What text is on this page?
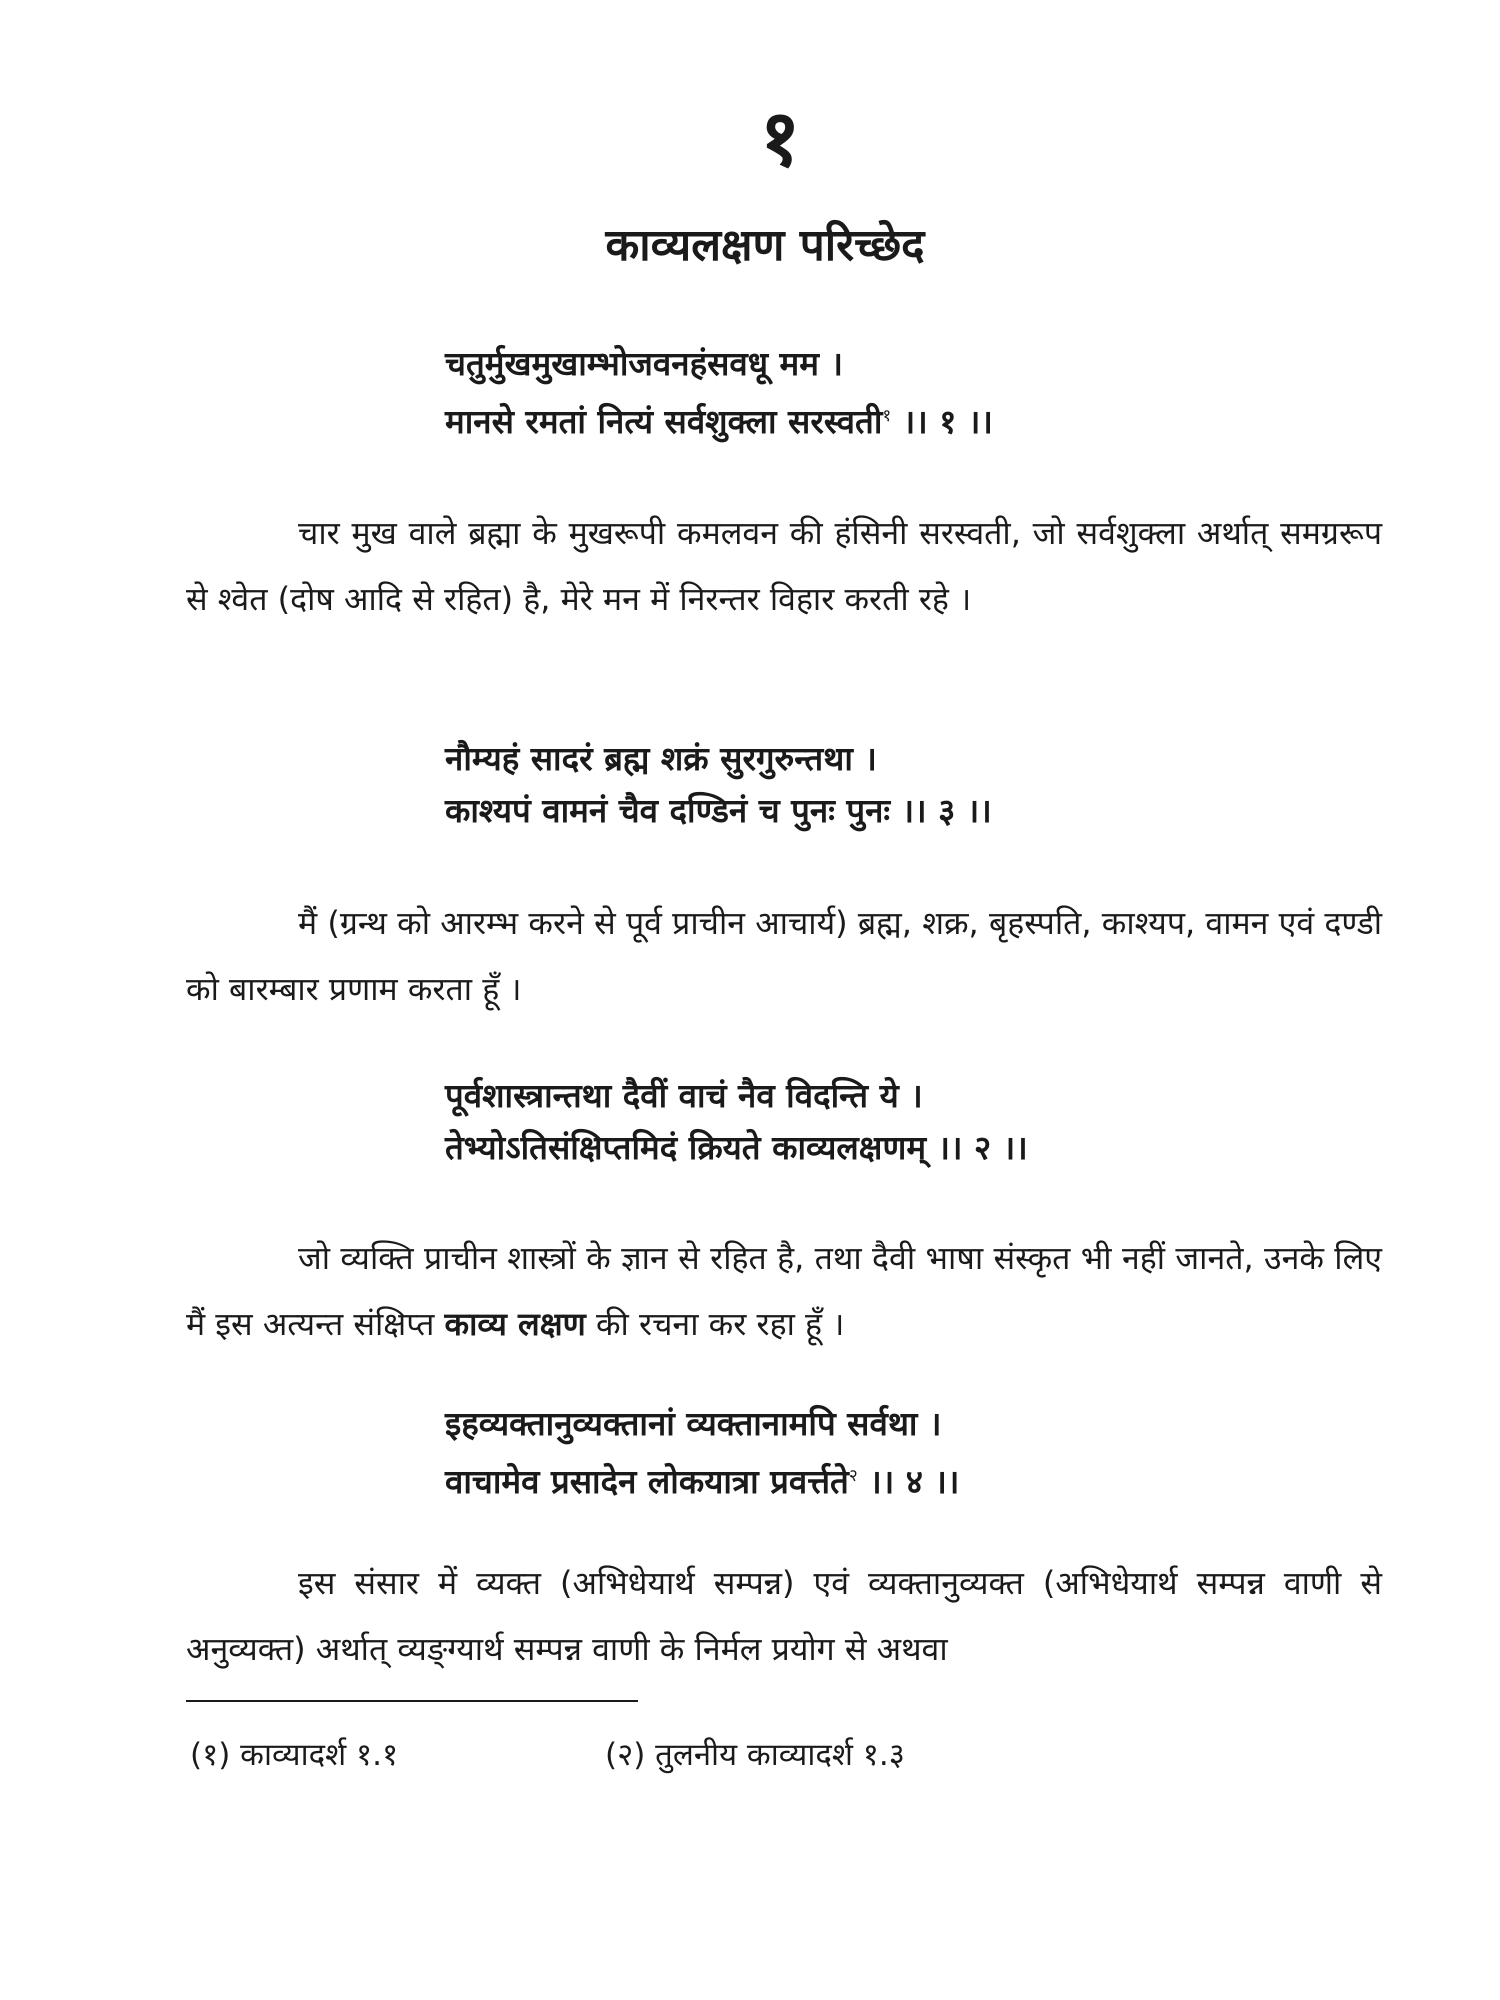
१
काव्यलक्षण परिच्छेद
चतुर्मुखमुखाम्भोजवनहंसवधू मम ।
मानसे रमतां नित्यं सर्वशुक्ला सरस्वती$^१$ ।। १ ।।

चार मुख वाले ब्रह्मा के मुखरूपी कमलवन की हंसिनी सरस्वती, जो सर्वशुक्ला अर्थात् समग्ररूप से श्वेत (दोष आदि से रहित) है, मेरे मन में निरन्तर विहार करती रहे ।

नौम्यहं सादरं ब्रह्म शक्रं सुरगुरुन्तथा ।
काश्यपं वामनं चैव दण्डिनं च पुनः पुनः ।। ३ ।।

मैं (ग्रन्थ को आरम्भ करने से पूर्व प्राचीन आचार्य) ब्रह्म, शक्र, बृहस्पति, काश्यप, वामन एवं दण्डी को बारम्बार प्रणाम करता हूँ ।

पूर्वशास्त्रान्तथा दैवीं वाचं नैव विदन्ति ये ।
तेभ्योऽतिसंक्षिप्तमिदं क्रियते काव्यलक्षणम् ।। २ ।।

जो व्यक्ति प्राचीन शास्त्रों के ज्ञान से रहित है, तथा दैवी भाषा संस्कृत भी नहीं जानते, उनके लिए मैं इस अत्यन्त संक्षिप्त काव्य लक्षण की रचना कर रहा हूँ ।

इहव्यक्तानुव्यक्तानां व्यक्तानामपि सर्वथा ।
वाचामेव प्रसादेन लोकयात्रा प्रवर्त्तते$^२$ ।। ४ ।।

इस संसार में व्यक्त (अभिधेयार्थ सम्पन्न) एवं व्यक्तानुव्यक्त (अभिधेयार्थ सम्पन्न वाणी से अनुव्यक्त) अर्थात् व्यङ्ग्यार्थ सम्पन्न वाणी के निर्मल प्रयोग से अथवा

(१) काव्यादर्श १.१	(२) तुलनीय काव्यादर्श १.३
